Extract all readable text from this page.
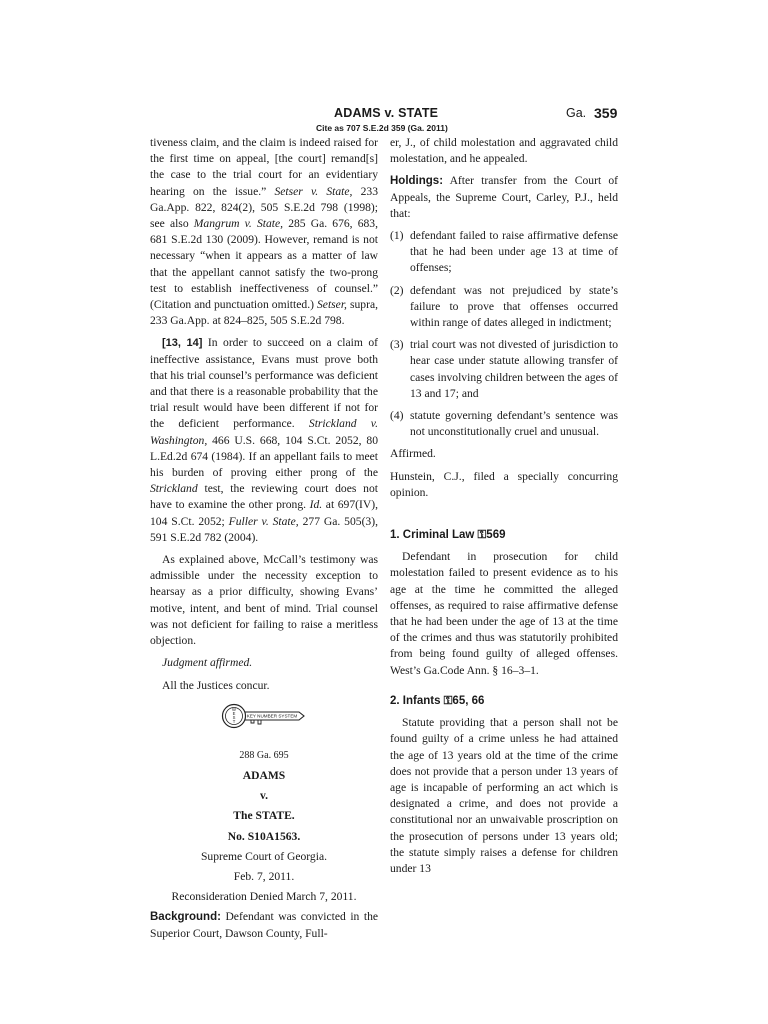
ADAMS v. STATE	Ga. 359
Cite as 707 S.E.2d 359 (Ga. 2011)

tiveness claim, and the claim is indeed raised for the first time on appeal, [the court] remand[s] the case to the trial court for an evidentiary hearing on the issue.” Setser v. State, 233 Ga.App. 822, 824(2), 505 S.E.2d 798 (1998); see also Mangrum v. State, 285 Ga. 676, 683, 681 S.E.2d 130 (2009). However, remand is not necessary “when it appears as a matter of law that the appellant cannot satisfy the two-prong test to establish ineffectiveness of counsel.” (Citation and punctuation omitted.) Setser, supra, 233 Ga.App. at 824–825, 505 S.E.2d 798.

[13, 14] In order to succeed on a claim of ineffective assistance, Evans must prove both that his trial counsel’s performance was deficient and that there is a reasonable probability that the trial result would have been different if not for the deficient performance. Strickland v. Washington, 466 U.S. 668, 104 S.Ct. 2052, 80 L.Ed.2d 674 (1984). If an appellant fails to meet his burden of proving either prong of the Strickland test, the reviewing court does not have to examine the other prong. Id. at 697(IV), 104 S.Ct. 2052; Fuller v. State, 277 Ga. 505(3), 591 S.E.2d 782 (2004).

As explained above, McCall’s testimony was admissible under the necessity exception to hearsay as a prior difficulty, showing Evans’ motive, intent, and bent of mind. Trial counsel was not deficient for failing to raise a meritless objection.

Judgment affirmed.

All the Justices concur.

W
E
S
T
KEY NUMBER SYSTEM

288 Ga. 695

ADAMS

v.

The STATE.

No. S10A1563.

Supreme Court of Georgia.

Feb. 7, 2011.

Reconsideration Denied March 7, 2011.

Background: Defendant was convicted in the Superior Court, Dawson County, Full-

er, J., of child molestation and aggravated child molestation, and he appealed.

Holdings: After transfer from the Court of Appeals, the Supreme Court, Carley, P.J., held that:

(1) defendant failed to raise affirmative defense that he had been under age 13 at time of offenses;
(2) defendant was not prejudiced by state’s failure to prove that offenses occurred within range of dates alleged in indictment;
(3) trial court was not divested of jurisdiction to hear case under statute allowing transfer of cases involving children between the ages of 13 and 17; and
(4) statute governing defendant’s sentence was not unconstitutionally cruel and unusual.

Affirmed.

Hunstein, C.J., filed a specially concurring opinion.

1. Criminal Law ⚿569

Defendant in prosecution for child molestation failed to present evidence as to his age at the time he committed the alleged offenses, as required to raise affirmative defense that he had been under the age of 13 at the time of the crimes and thus was statutorily prohibited from being found guilty of alleged offenses. West’s Ga.Code Ann. § 16–3–1.

2. Infants ⚿65, 66

Statute providing that a person shall not be found guilty of a crime unless he had attained the age of 13 years old at the time of the crime does not provide that a person under 13 years of age is incapable of performing an act which is designated a crime, and does not provide a constitutional nor an unwaivable proscription on the prosecution of persons under 13 years old; the statute simply raises a defense for children under 13
